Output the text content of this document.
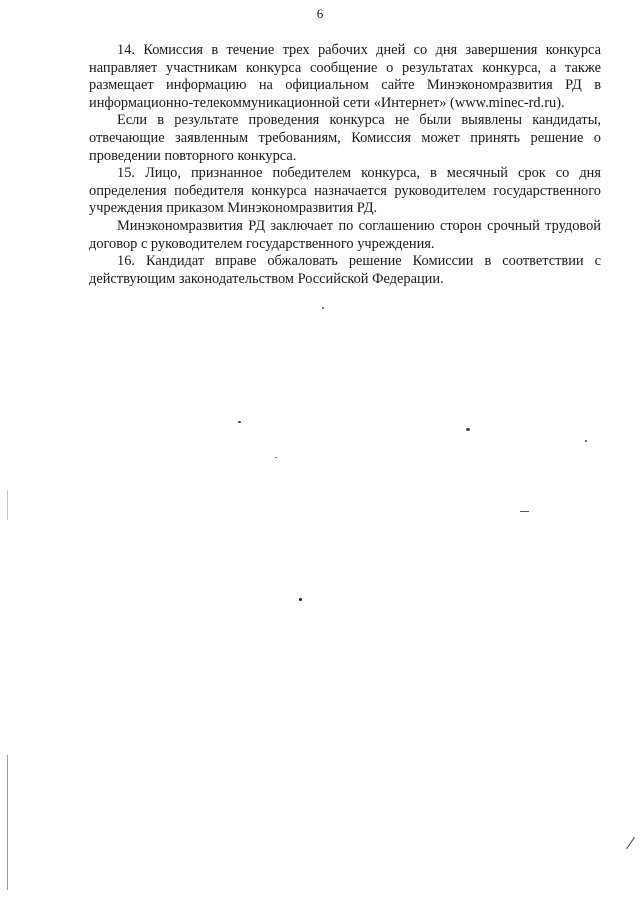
6

14. Комиссия в течение трех рабочих дней со дня завершения конкурса направляет участникам конкурса сообщение о результатах конкурса, а также размещает информацию на официальном сайте Минэкономразвития РД в информационно-телекоммуникационной сети «Интернет» (www.minec-rd.ru).

Если в результате проведения конкурса не были выявлены кандидаты, отвечающие заявленным требованиям, Комиссия может принять решение о проведении повторного конкурса.

15. Лицо, признанное победителем конкурса, в месячный срок со дня определения победителя конкурса назначается руководителем государственного учреждения приказом Минэкономразвития РД.

Минэкономразвития РД заключает по соглашению сторон срочный трудовой договор с руководителем государственного учреждения.

16. Кандидат вправе обжаловать решение Комиссии в соответствии с действующим законодательством Российской Федерации.
